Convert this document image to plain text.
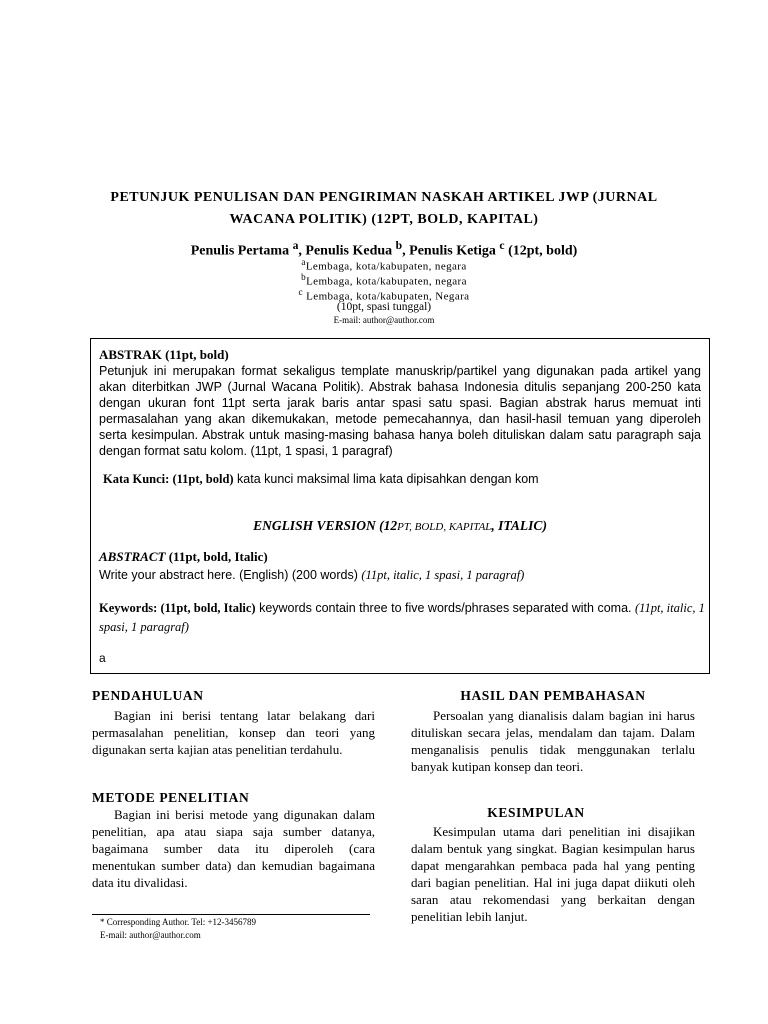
PETUNJUK PENULISAN DAN PENGIRIMAN NASKAH ARTIKEL JWP (JURNAL
WACANA POLITIK) (12PT, BOLD, KAPITAL)
Penulis Pertama $^a$, Penulis Kedua $^b$, Penulis Ketiga $^c$ (12pt, bold)
$^a$Lembaga, kota/kabupaten, negara
$^b$Lembaga, kota/kabupaten, negara
$^c$ Lembaga, kota/kabupaten, Negara
(10pt, spasi tunggal)
E-mail: author@author.com
ABSTRAK (11pt, bold)
Petunjuk ini merupakan format sekaligus template manuskrip/partikel yang digunakan pada artikel yang akan diterbitkan JWP (Jurnal Wacana Politik). Abstrak bahasa Indonesia ditulis sepanjang 200-250 kata dengan ukuran font 11pt serta jarak baris antar spasi satu spasi. Bagian abstrak harus memuat inti permasalahan yang akan dikemukakan, metode pemecahannya, dan hasil-hasil temuan yang diperoleh serta kesimpulan. Abstrak untuk masing-masing bahasa hanya boleh dituliskan dalam satu paragraph saja dengan format satu kolom. (11pt, 1 spasi, 1 paragraf)
Kata Kunci: (11pt, bold) kata kunci maksimal lima kata dipisahkan dengan kom
ENGLISH VERSION (12PT, BOLD, KAPITAL, ITALIC)
ABSTRACT (11pt, bold, Italic)
Write your abstract here. (English) (200 words) (11pt, italic, 1 spasi, 1 paragraf)
Keywords: (11pt, bold, Italic) keywords contain three to five words/phrases separated with coma. (11pt, italic, 1 spasi, 1 paragraf)
a
PENDAHULUAN
Bagian ini berisi tentang latar belakang dari permasalahan penelitian, konsep dan teori yang digunakan serta kajian atas penelitian terdahulu.
METODE PENELITIAN
Bagian ini berisi metode yang digunakan dalam penelitian, apa atau siapa saja sumber datanya, bagaimana sumber data itu diperoleh (cara menentukan sumber data) dan kemudian bagaimana data itu divalidasi.
HASIL DAN PEMBAHASAN
Persoalan yang dianalisis dalam bagian ini harus dituliskan secara jelas, mendalam dan tajam. Dalam menganalisis penulis tidak menggunakan terlalu banyak kutipan konsep dan teori.
KESIMPULAN
Kesimpulan utama dari penelitian ini disajikan dalam bentuk yang singkat. Bagian kesimpulan harus dapat mengarahkan pembaca pada hal yang penting dari bagian penelitian. Hal ini juga dapat diikuti oleh saran atau rekomendasi yang berkaitan dengan penelitian lebih lanjut.
* Corresponding Author. Tel: +12-3456789
E-mail: author@author.com
